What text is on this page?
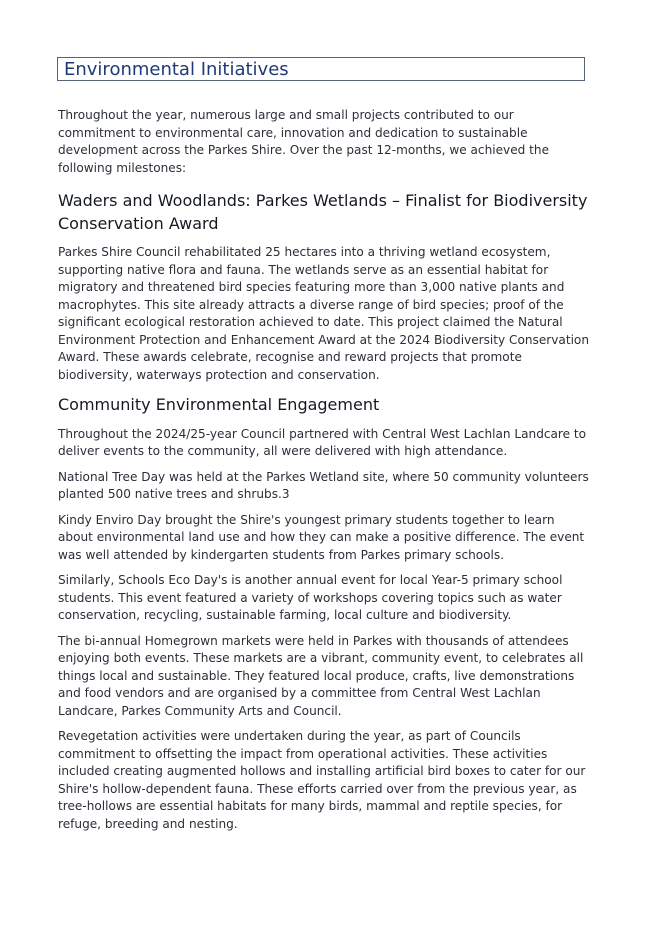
Environmental Initiatives

Throughout the year, numerous large and small projects contributed to our commitment to environmental care, innovation and dedication to sustainable development across the Parkes Shire. Over the past 12-months, we achieved the following milestones:

Waders and Woodlands: Parkes Wetlands – Finalist for Biodiversity Conservation Award

Parkes Shire Council rehabilitated 25 hectares into a thriving wetland ecosystem, supporting native flora and fauna. The wetlands serve as an essential habitat for migratory and threatened bird species featuring more than 3,000 native plants and macrophytes. This site already attracts a diverse range of bird species; proof of the significant ecological restoration achieved to date. This project claimed the Natural Environment Protection and Enhancement Award at the 2024 Biodiversity Conservation Award. These awards celebrate, recognise and reward projects that promote biodiversity, waterways protection and conservation.

Community Environmental Engagement

Throughout the 2024/25-year Council partnered with Central West Lachlan Landcare to deliver events to the community, all were delivered with high attendance.

National Tree Day was held at the Parkes Wetland site, where 50 community volunteers planted 500 native trees and shrubs.3

Kindy Enviro Day brought the Shire's youngest primary students together to learn about environmental land use and how they can make a positive difference. The event was well attended by kindergarten students from Parkes primary schools.

Similarly, Schools Eco Day's is another annual event for local Year-5 primary school students. This event featured a variety of workshops covering topics such as water conservation, recycling, sustainable farming, local culture and biodiversity.

The bi-annual Homegrown markets were held in Parkes with thousands of attendees enjoying both events. These markets are a vibrant, community event, to celebrates all things local and sustainable. They featured local produce, crafts, live demonstrations and food vendors and are organised by a committee from Central West Lachlan Landcare, Parkes Community Arts and Council.

Revegetation activities were undertaken during the year, as part of Councils commitment to offsetting the impact from operational activities. These activities included creating augmented hollows and installing artificial bird boxes to cater for our Shire's hollow-dependent fauna. These efforts carried over from the previous year, as tree-hollows are essential habitats for many birds, mammal and reptile species, for refuge, breeding and nesting.
